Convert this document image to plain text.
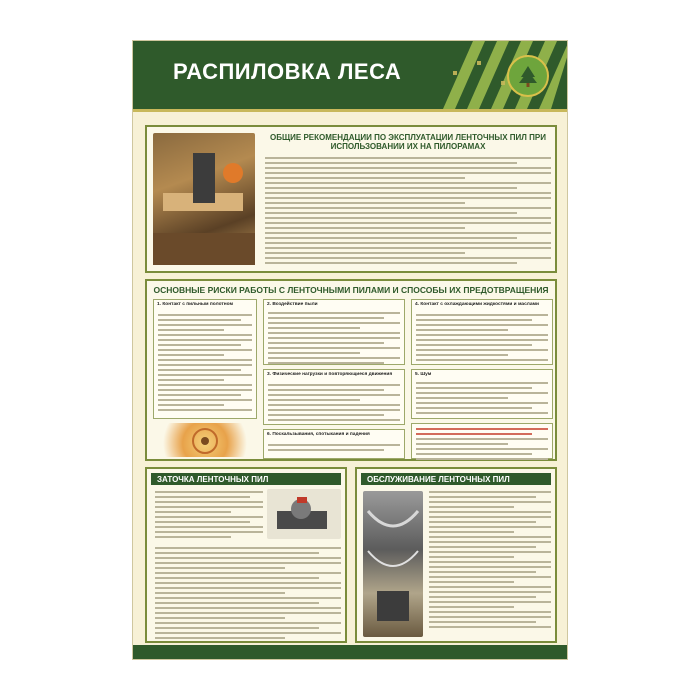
РАСПИЛОВКА ЛЕСА
ОБЩИЕ РЕКОМЕНДАЦИИ ПО ЭКСПЛУАТАЦИИ ЛЕНТОЧНЫХ ПИЛ ПРИ ИСПОЛЬЗОВАНИИ ИХ НА ПИЛОРАМАХ
ОСНОВНЫЕ РИСКИ РАБОТЫ С ЛЕНТОЧНЫМИ ПИЛАМИ И СПОСОБЫ ИХ ПРЕДОТВРАЩЕНИЯ
1. Контакт с пильным полотном	2. Воздействие пыли
3. Физические нагрузки и повторяющиеся движения
6. Поскальзывания, спотыкания и падения
4. Контакт с охлаждающими жидкостями и маслами
5. Шум
ЗАТОЧКА ЛЕНТОЧНЫХ ПИЛ	ОБСЛУЖИВАНИЕ ЛЕНТОЧНЫХ ПИЛ
